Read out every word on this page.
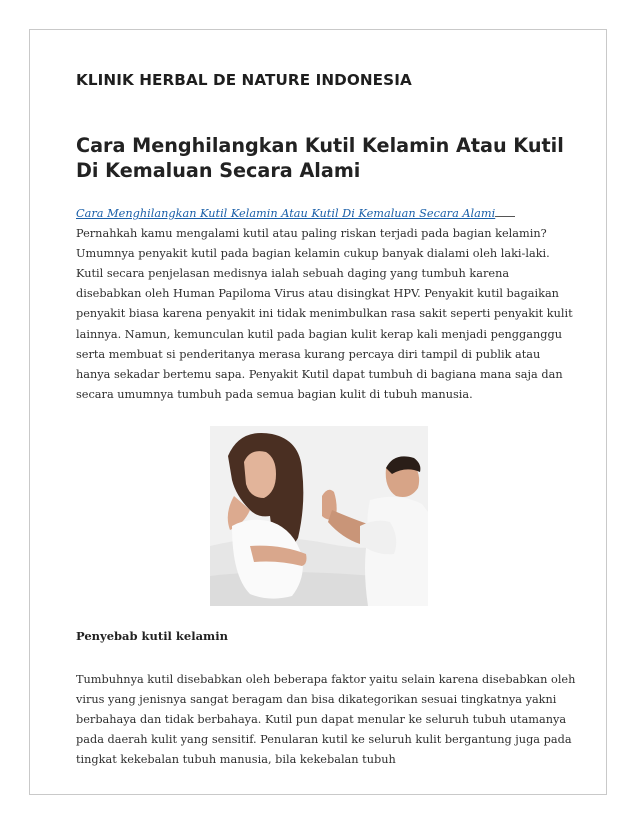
KLINIK HERBAL DE NATURE INDONESIA
Cara Menghilangkan Kutil Kelamin Atau Kutil Di Kemaluan Secara Alami
Cara Menghilangkan Kutil Kelamin Atau Kutil Di Kemaluan Secara AlamiPernahkah kamu mengalami kutil atau paling riskan terjadi pada bagian kelamin? Umumnya penyakit kutil pada bagian kelamin cukup banyak dialami oleh laki-laki. Kutil secara penjelasan medisnya ialah sebuah daging yang tumbuh karena disebabkan oleh Human Papiloma Virus atau disingkat HPV. Penyakit kutil bagaikan penyakit biasa karena penyakit ini tidak menimbulkan rasa sakit seperti penyakit kulit lainnya. Namun, kemunculan kutil pada bagian kulit kerap kali menjadi pengganggu serta membuat si penderitanya merasa kurang percaya diri tampil di publik atau hanya sekadar bertemu sapa. Penyakit Kutil dapat tumbuh di bagiana mana saja dan secara umumnya tumbuh pada semua bagian kulit di tubuh manusia.
Penyebab kutil kelamin
Tumbuhnya kutil disebabkan oleh beberapa faktor yaitu selain karena disebabkan oleh virus yang jenisnya sangat beragam dan bisa dikategorikan sesuai tingkatnya yakni berbahaya dan tidak berbahaya. Kutil pun dapat menular ke seluruh tubuh utamanya pada daerah kulit yang sensitif. Penularan kutil ke seluruh kulit bergantung juga pada tingkat kekebalan tubuh manusia, bila kekebalan tubuh
